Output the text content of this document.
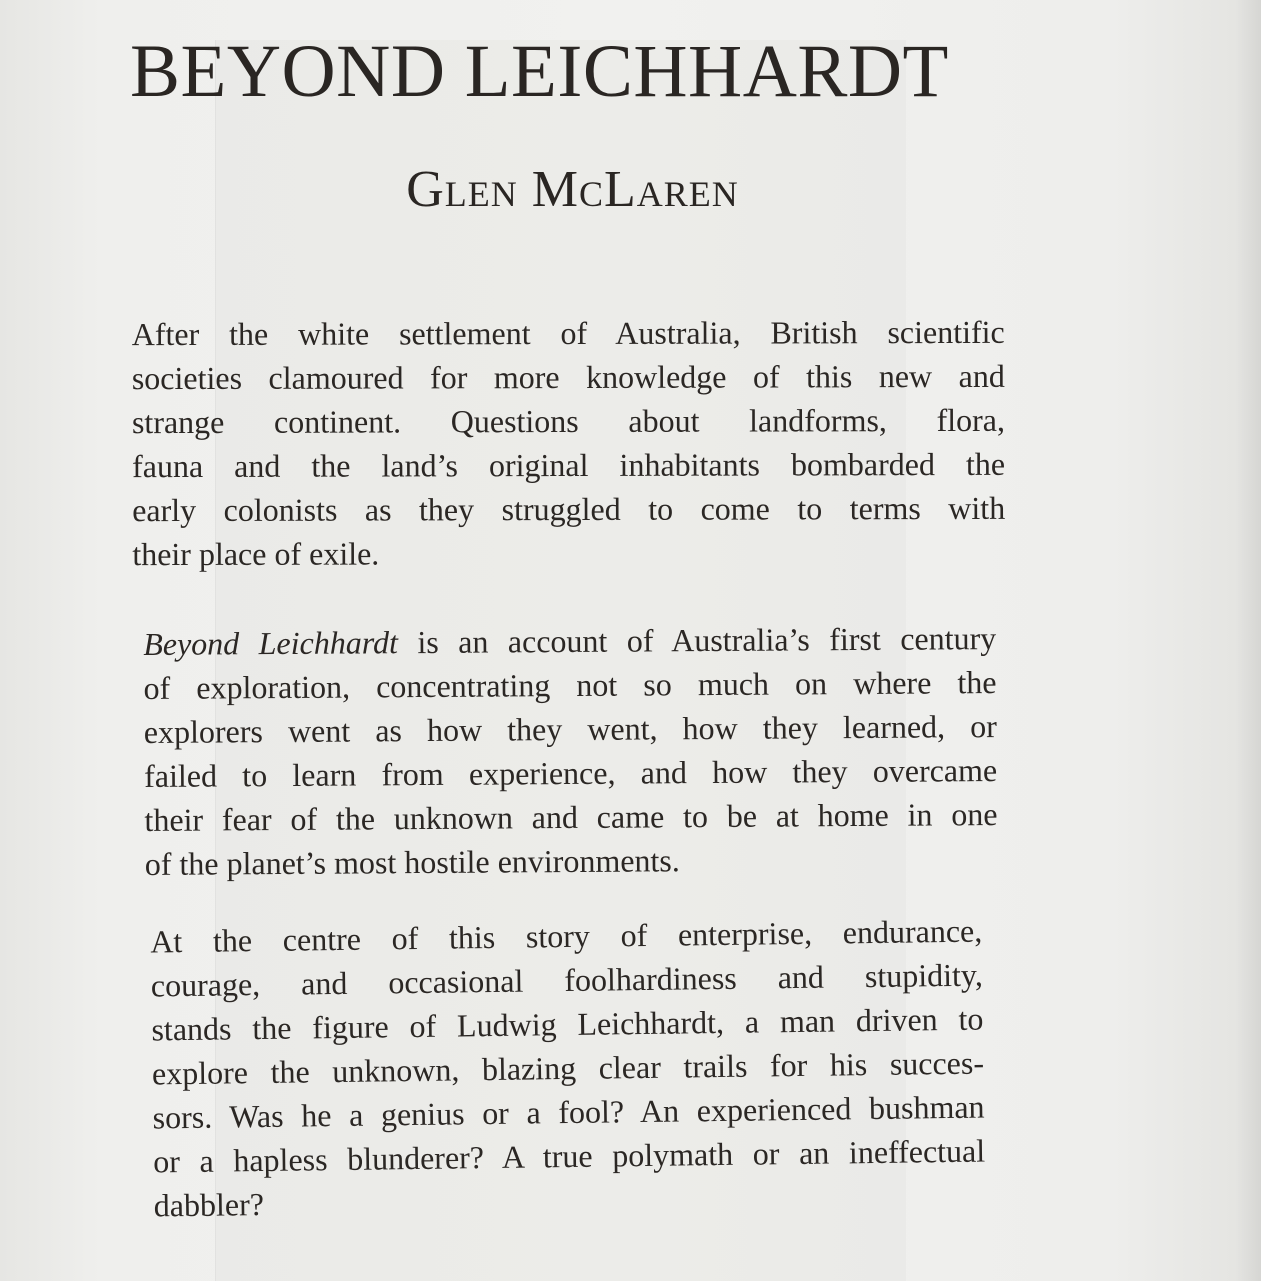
BEYOND LEICHHARDT
Glen McLaren
After the white settlement of Australia, British scientific
societies clamoured for more knowledge of this new and
strange continent. Questions about landforms, flora,
fauna and the land’s original inhabitants bombarded the
early colonists as they struggled to come to terms with
their place of exile.
Beyond Leichhardt is an account of Australia’s first century
of exploration, concentrating not so much on where the
explorers went as how they went, how they learned, or
failed to learn from experience, and how they overcame
their fear of the unknown and came to be at home in one
of the planet’s most hostile environments.
At the centre of this story of enterprise, endurance,
courage, and occasional foolhardiness and stupidity,
stands the figure of Ludwig Leichhardt, a man driven to
explore the unknown, blazing clear trails for his succes-
sors. Was he a genius or a fool? An experienced bushman
or a hapless blunderer? A true polymath or an ineffectual
dabbler?
